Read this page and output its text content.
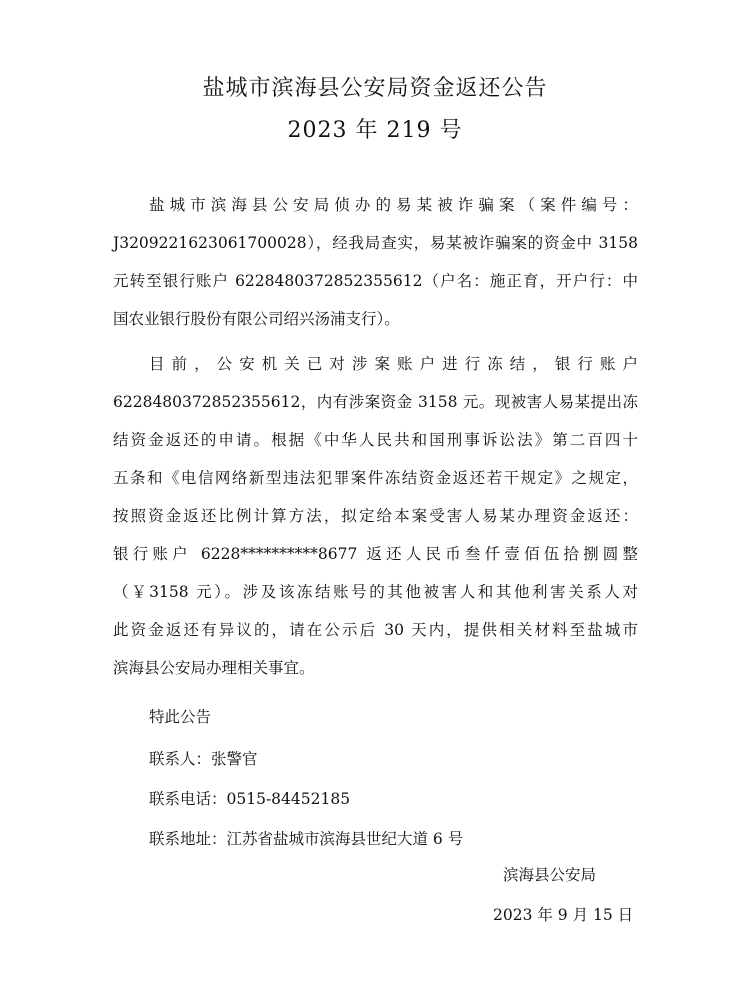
盐城市滨海县公安局资金返还公告
2023 年 219 号
盐城市滨海县公安局侦办的易某被诈骗案（案件编号：
J3209221623061700028），经我局查实，易某被诈骗案的资金中 3158
元转至银行账户 6228480372852355612（户名：施正育，开户行：中
国农业银行股份有限公司绍兴汤浦支行）。
目前，公安机关已对涉案账户进行冻结，银行账户
6228480372852355612，内有涉案资金 3158 元。现被害人易某提出冻
结资金返还的申请。根据《中华人民共和国刑事诉讼法》第二百四十
五条和《电信网络新型违法犯罪案件冻结资金返还若干规定》之规定，
按照资金返还比例计算方法，拟定给本案受害人易某办理资金返还：
银行账户 6228**********8677 返还人民币叁仟壹佰伍拾捌圆整
（￥3158 元）。涉及该冻结账号的其他被害人和其他利害关系人对
此资金返还有异议的，请在公示后 30 天内，提供相关材料至盐城市
滨海县公安局办理相关事宜。
特此公告
联系人：张警官
联系电话：0515-84452185
联系地址：江苏省盐城市滨海县世纪大道 6 号
滨海县公安局
2023 年 9 月 15 日
